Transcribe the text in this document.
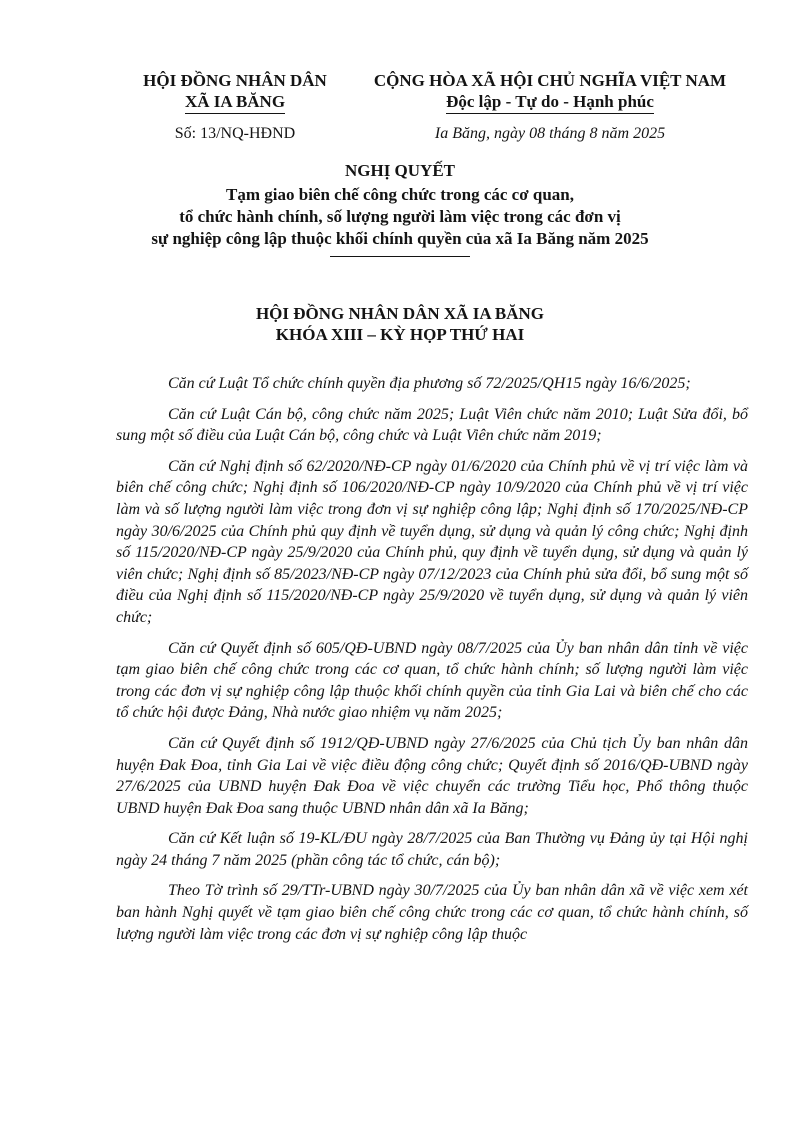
HỘI ĐỒNG NHÂN DÂN
XÃ IA BĂNG
Số: 13/NQ-HĐND
CỘNG HÒA XÃ HỘI CHỦ NGHĨA VIỆT NAM
Độc lập - Tự do - Hạnh phúc
Ia Băng, ngày 08 tháng 8 năm 2025
NGHỊ QUYẾT
Tạm giao biên chế công chức trong các cơ quan,
tổ chức hành chính, số lượng người làm việc trong các đơn vị
sự nghiệp công lập thuộc khối chính quyền của xã Ia Băng năm 2025
HỘI ĐỒNG NHÂN DÂN XÃ IA BĂNG
KHÓA XIII – KỲ HỌP THỨ HAI

Căn cứ Luật Tổ chức chính quyền địa phương số 72/2025/QH15 ngày 16/6/2025;

Căn cứ Luật Cán bộ, công chức năm 2025; Luật Viên chức năm 2010; Luật Sửa đổi, bổ sung một số điều của Luật Cán bộ, công chức và Luật Viên chức năm 2019;

Căn cứ Nghị định số 62/2020/NĐ-CP ngày 01/6/2020 của Chính phủ về vị trí việc làm và biên chế công chức; Nghị định số 106/2020/NĐ-CP ngày 10/9/2020 của Chính phủ về vị trí việc làm và số lượng người làm việc trong đơn vị sự nghiệp công lập; Nghị định số 170/2025/NĐ-CP ngày 30/6/2025 của Chính phủ quy định về tuyển dụng, sử dụng và quản lý công chức; Nghị định số 115/2020/NĐ-CP ngày 25/9/2020 của Chính phủ, quy định về tuyển dụng, sử dụng và quản lý viên chức; Nghị định số 85/2023/NĐ-CP ngày 07/12/2023 của Chính phủ sửa đổi, bổ sung một số điều của Nghị định số 115/2020/NĐ-CP ngày 25/9/2020 về tuyển dụng, sử dụng và quản lý viên chức;

Căn cứ Quyết định số 605/QĐ-UBND ngày 08/7/2025 của Ủy ban nhân dân tỉnh về việc tạm giao biên chế công chức trong các cơ quan, tổ chức hành chính; số lượng người làm việc trong các đơn vị sự nghiệp công lập thuộc khối chính quyền của tỉnh Gia Lai và biên chế cho các tổ chức hội được Đảng, Nhà nước giao nhiệm vụ năm 2025;

Căn cứ Quyết định số 1912/QĐ-UBND ngày 27/6/2025 của Chủ tịch Ủy ban nhân dân huyện Đak Đoa, tỉnh Gia Lai về việc điều động công chức; Quyết định số 2016/QĐ-UBND ngày 27/6/2025 của UBND huyện Đak Đoa về việc chuyển các trường Tiểu học, Phổ thông thuộc UBND huyện Đak Đoa sang thuộc UBND nhân dân xã Ia Băng;

Căn cứ Kết luận số 19-KL/ĐU ngày 28/7/2025 của Ban Thường vụ Đảng ủy tại Hội nghị ngày 24 tháng 7 năm 2025 (phần công tác tổ chức, cán bộ);

Theo Tờ trình số 29/TTr-UBND ngày 30/7/2025 của Ủy ban nhân dân xã về việc xem xét ban hành Nghị quyết về tạm giao biên chế công chức trong các cơ quan, tổ chức hành chính, số lượng người làm việc trong các đơn vị sự nghiệp công lập thuộc
